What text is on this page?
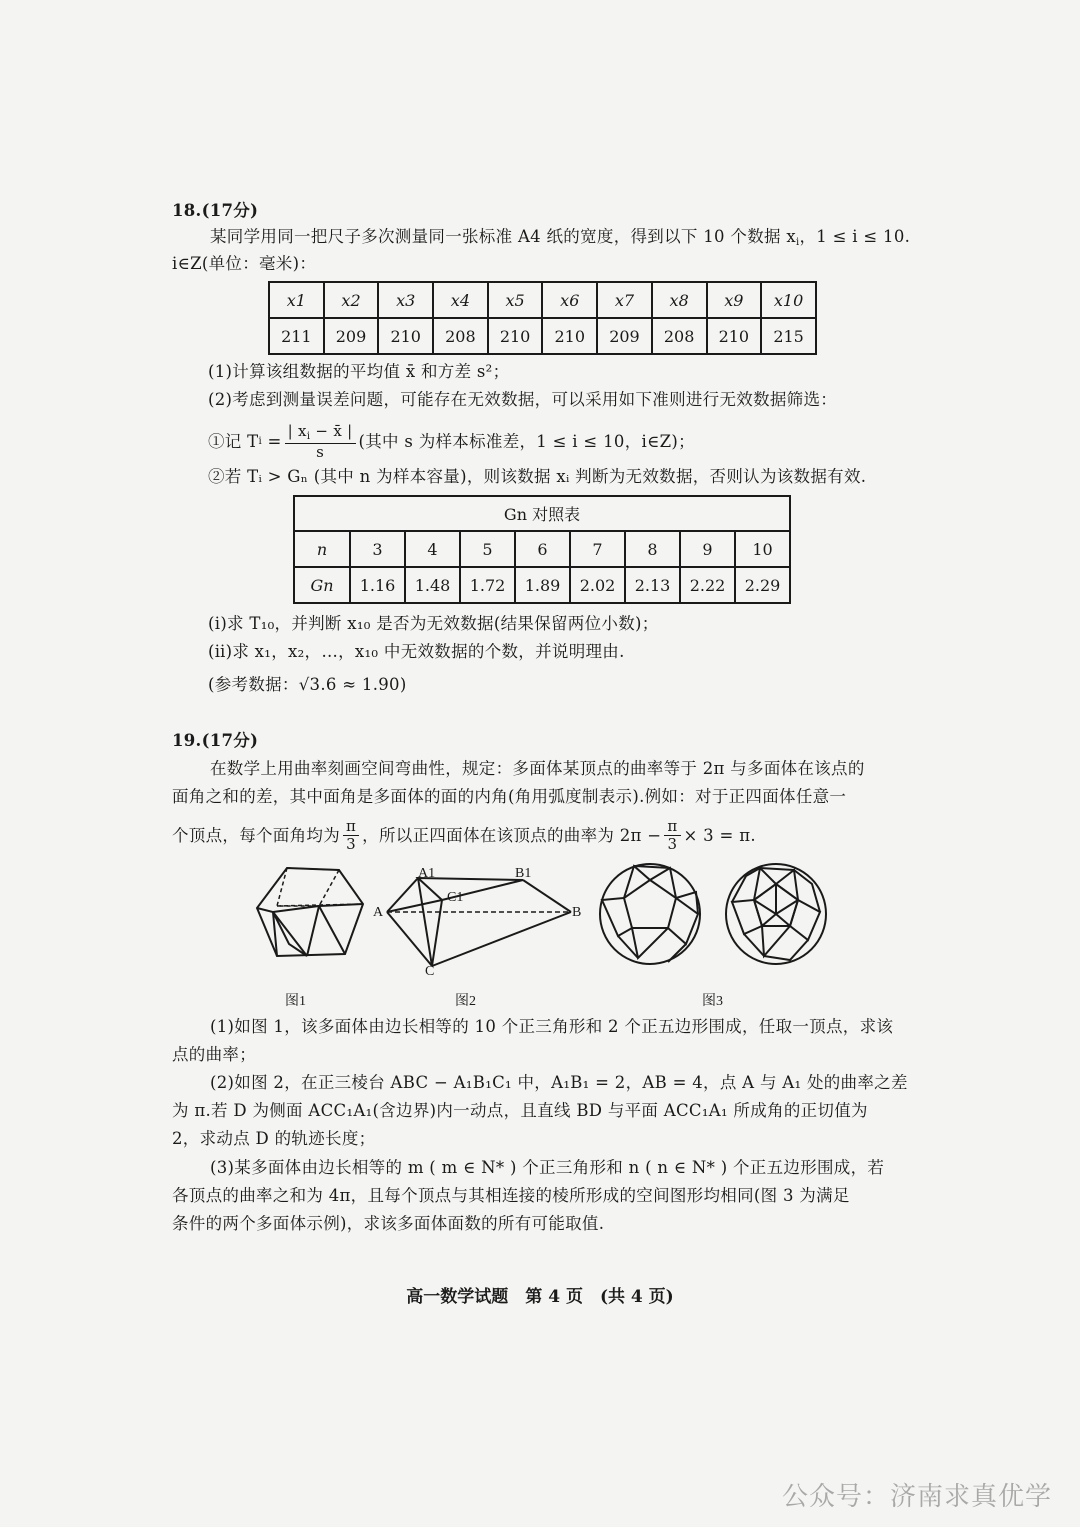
18.(17分)
某同学用同一把尺子多次测量同一张标准 A4 纸的宽度，得到以下 10 个数据 $x_i$，1 ≤ i ≤ 10.
i∈Z(单位：毫米)：
x1	x2	x3	x4	x5	x6	x7	x8	x9	x10
211	209	210	208	210	210	209	208	210	215
(1)计算该组数据的平均值 x̄ 和方差 s²；
(2)考虑到测量误差问题，可能存在无效数据，可以采用如下准则进行无效数据筛选：
①记 T $i = \frac{| x_i - x̄ |}{s}$ (其中 s 为样本标准差，1 ≤ i ≤ 10，i∈Z)；
②若 Tᵢ > Gₙ (其中 n 为样本容量)，则该数据 xᵢ 判断为无效数据，否则认为该数据有效.
Gn 对照表								
n	3	4	5	6	7	8	9	10
Gn	1.16	1.48	1.72	1.89	2.02	2.13	2.22	2.29
(ⅰ)求 T₁₀，并判断 x₁₀ 是否为无效数据(结果保留两位小数)；
(ⅱ)求 x₁，x₂，…，x₁₀ 中无效数据的个数，并说明理由.
(参考数据：√3.6 ≈ 1.90)
19.(17分)
在数学上用曲率刻画空间弯曲性，规定：多面体某顶点的曲率等于 2π 与多面体在该点的
面角之和的差，其中面角是多面体的面的内角(角用弧度制表示).例如：对于正四面体任意一
个顶点，每个面角均为 $\frac{\pi}{3}$ ，所以正四面体在该顶点的曲率为 $2\pi - \frac{\pi}{3} \times 3 = \pi$.
图1
A1	B1
C1
A	B
C
图2	图3
(1)如图 1，该多面体由边长相等的 10 个正三角形和 2 个正五边形围成，任取一顶点，求该
点的曲率；
(2)如图 2，在正三棱台 ABC − A₁B₁C₁ 中，A₁B₁ = 2，AB = 4，点 A 与 A₁ 处的曲率之差
为 π.若 D 为侧面 ACC₁A₁(含边界)内一动点，且直线 BD 与平面 ACC₁A₁ 所成角的正切值为
2，求动点 D 的轨迹长度；
(3)某多面体由边长相等的 m ( m ∈ N* ) 个正三角形和 n ( n ∈ N* ) 个正五边形围成，若
各顶点的曲率之和为 4π，且每个顶点与其相连接的棱所形成的空间图形均相同(图 3 为满足
条件的两个多面体示例)，求该多面体面数的所有可能取值.
高一数学试题　第 4 页　(共 4 页)
公众号：济南求真优学
